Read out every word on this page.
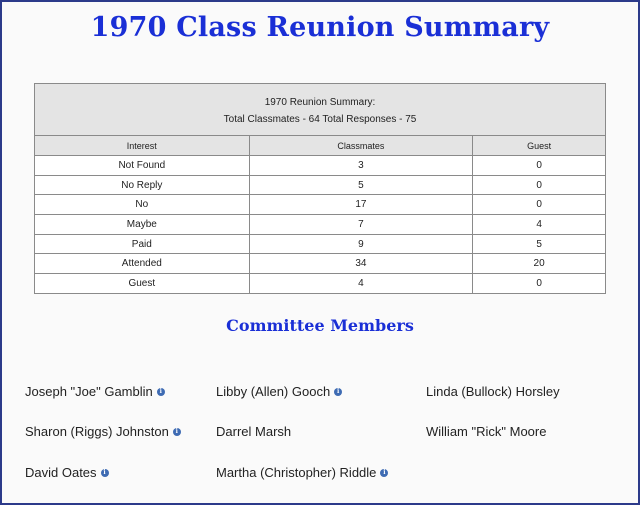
1970 Class Reunion Summary
1970 Reunion Summary:
Total Classmates - 64 Total Responses - 75		

Interest	Classmates	Guest
Not Found	3	0
No Reply	5	0
No	17	0
Maybe	7	4
Paid	9	5
Attended	34	20
Guest	4	0
Committee Members
Joseph "Joe" Gamblin	i	Libby (Allen) Gooch	i	Linda (Bullock) Horsley
Sharon (Riggs) Johnston	i	Darrel Marsh	William "Rick" Moore
David Oates	i	Martha (Christopher) Riddle	i
